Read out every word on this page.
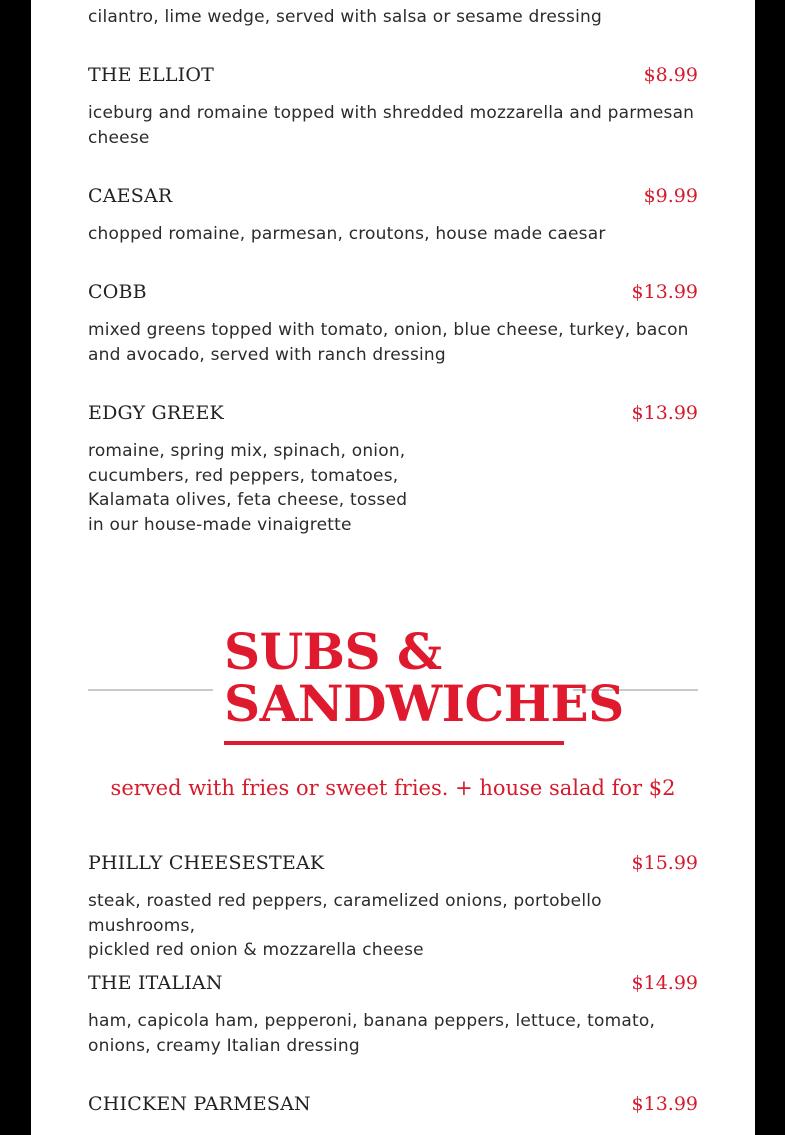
cilantro, lime wedge, served with salsa or sesame dressing
THE ELLIOT	$8.99
iceburg and romaine topped with shredded mozzarella and parmesan
cheese
CAESAR	$9.99
chopped romaine, parmesan, croutons, house made caesar
COBB	$13.99
mixed greens topped with tomato, onion, blue cheese, turkey, bacon
and avocado, served with ranch dressing
EDGY GREEK	$13.99
romaine, spring mix, spinach, onion,
cucumbers, red peppers, tomatoes,
Kalamata olives, feta cheese, tossed
in our house-made vinaigrette
SUBS &
SANDWICHES
served with fries or sweet fries. + house salad for $2
PHILLY CHEESESTEAK	$15.99
steak, roasted red peppers, caramelized onions, portobello mushrooms,
pickled red onion & mozzarella cheese
THE ITALIAN	$14.99
ham, capicola ham, pepperoni, banana peppers, lettuce, tomato,
onions, creamy Italian dressing
CHICKEN PARMESAN	$13.99
